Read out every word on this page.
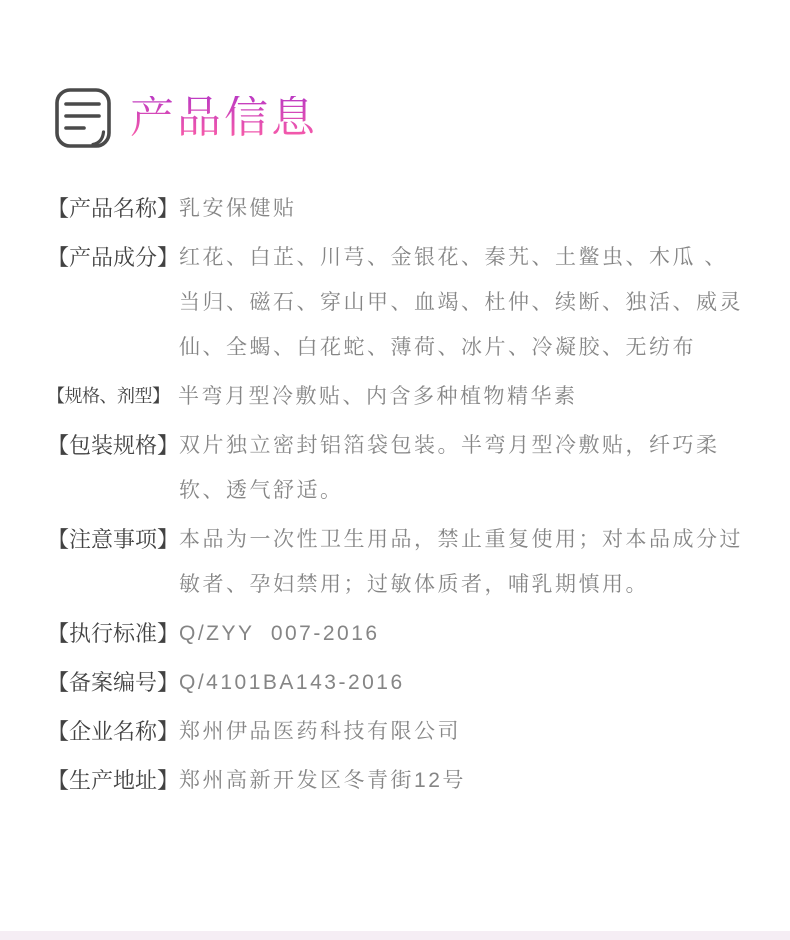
产品信息
【产品名称】 乳安保健贴
【产品成分】 红花、白芷、川芎、金银花、秦艽、土鳖虫、木瓜 、当归、磁石、穿山甲、血竭、杜仲、续断、独活、威灵仙、全蝎、白花蛇、薄荷、冰片、冷凝胶、无纺布
【规格、剂型】 半弯月型冷敷贴、内含多种植物精华素
【包装规格】 双片独立密封铝箔袋包装。半弯月型冷敷贴，纤巧柔软、透气舒适。
【注意事项】 本品为一次性卫生用品，禁止重复使用；对本品成分过敏者、孕妇禁用；过敏体质者，哺乳期慎用。
【执行标准】 Q/ZYY  007-2016
【备案编号】 Q/4101BA143-2016
【企业名称】 郑州伊品医药科技有限公司
【生产地址】 郑州高新开发区冬青街12号
